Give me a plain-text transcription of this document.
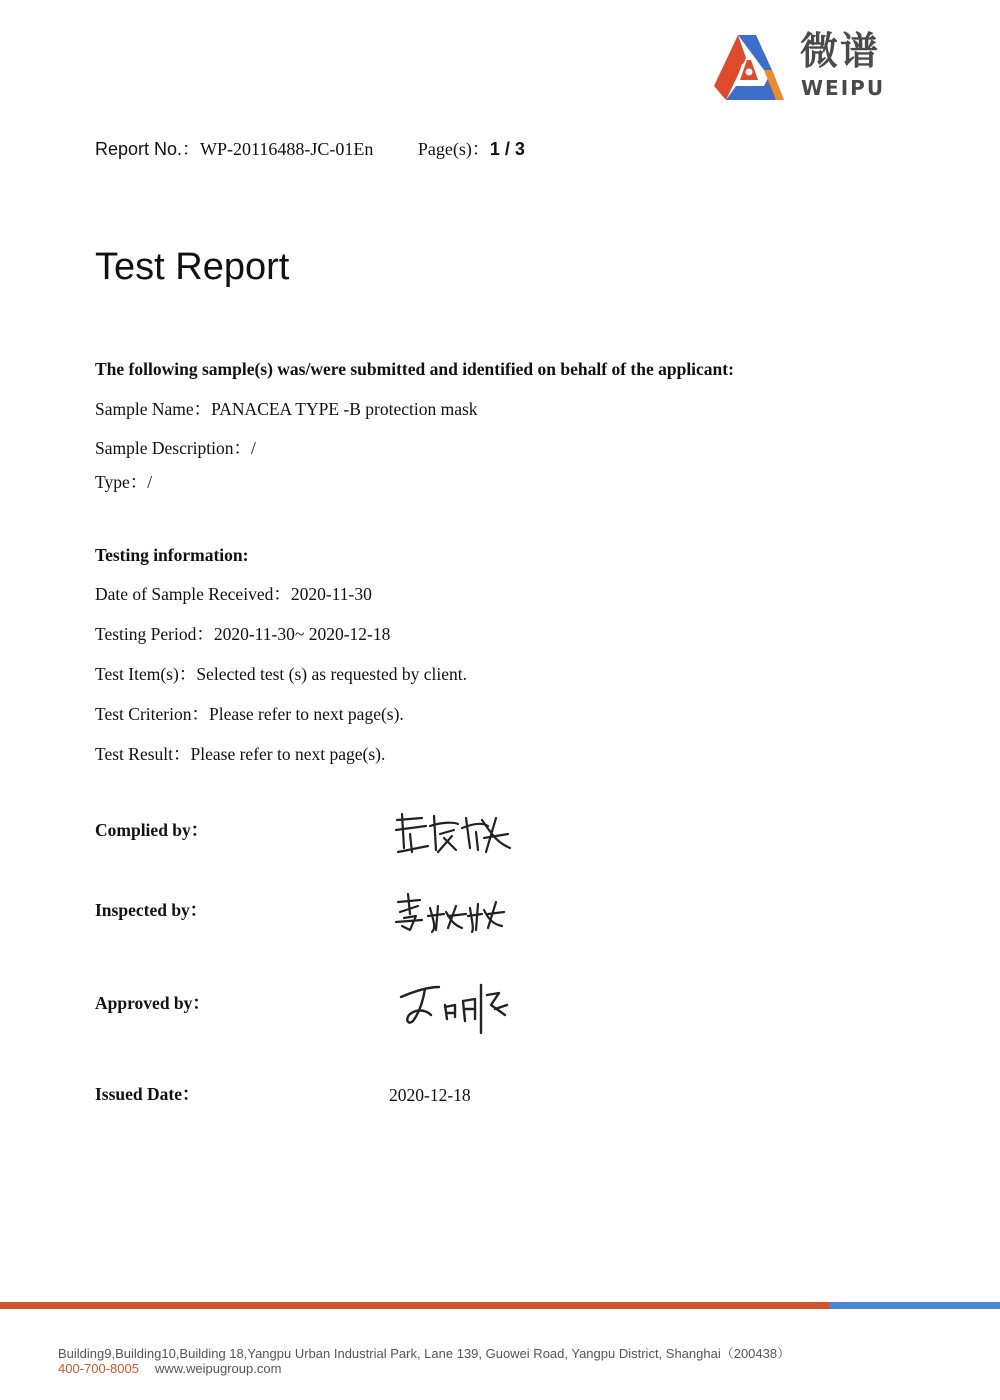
微谱
WEIPU
Report No.：WP-20116488-JC-01En Page(s)：1 / 3
Test Report
The following sample(s) was/were submitted and identified on behalf of the applicant:
Sample Name：PANACEA TYPE -B protection mask
Sample Description：/
Type：/
Testing information:
Date of Sample Received：2020-11-30
Testing Period：2020-11-30~ 2020-12-18
Test Item(s)：Selected test (s) as requested by client.
Test Criterion：Please refer to next page(s).
Test Result：Please refer to next page(s).
Complied by：
Inspected by：
Approved by：
Issued Date：	2020-12-18
Building9,Building10,Building 18,Yangpu Urban Industrial Park, Lane 139, Guowei Road, Yangpu District, Shanghai（200438）
400-700-8005 www.weipugroup.com
